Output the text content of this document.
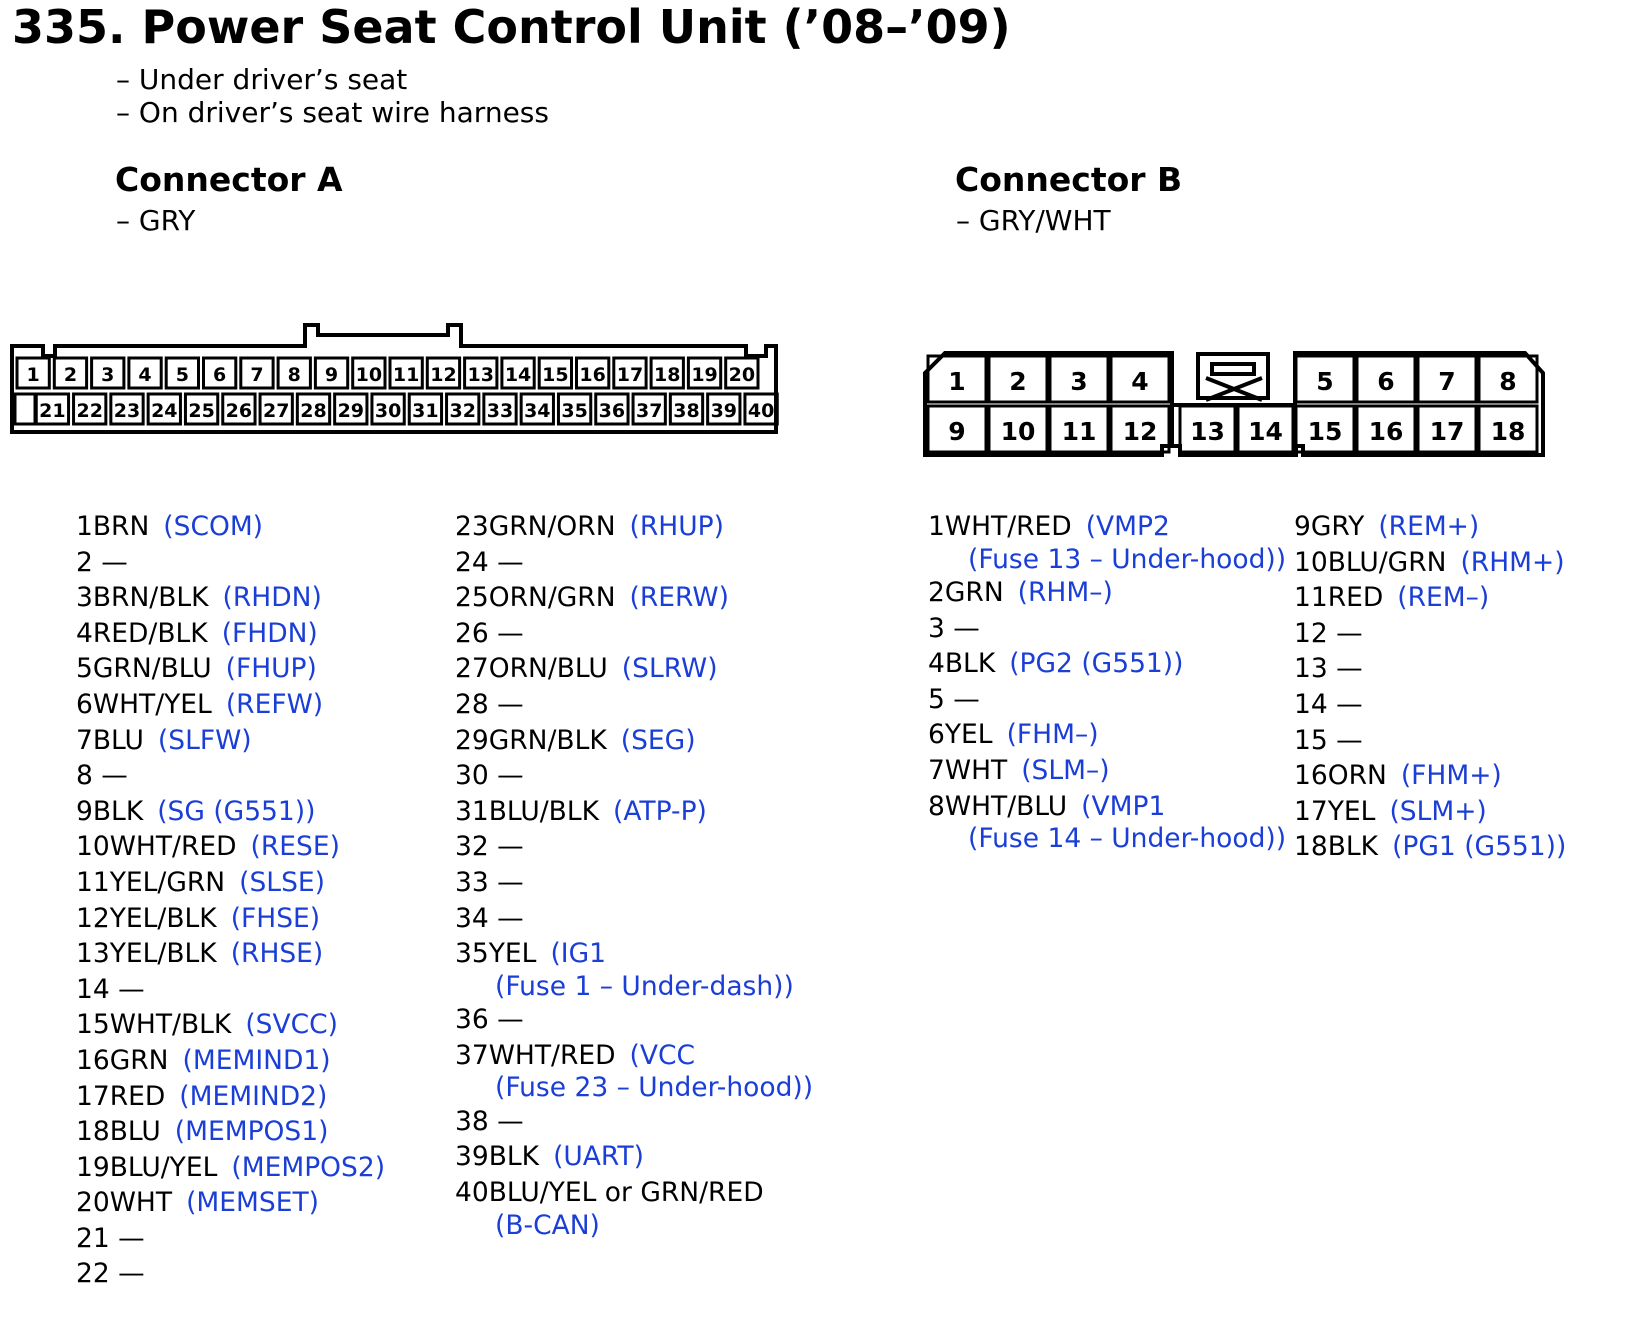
335. Power Seat Control Unit (’08–’09)
– Under driver’s seat
– On driver’s seat wire harness
Connector A
– GRY
Connector B
– GRY/WHT
1 2 3 4 5 6 7 8 9 10 11 12 13 14 15 16 17 18 19 20
21 22 23 24 25 26 27 28 29 30 31 32 33 34 35 36 37 38 39 40
1 2 3 4	5 6 7 8
9 10 11 12 13 14 15 16 17 18
1BRN (SCOM)
2 —
3BRN/BLK (RHDN)
4RED/BLK (FHDN)
5GRN/BLU (FHUP)
6WHT/YEL (REFW)
7BLU (SLFW)
8 —
9BLK (SG (G551))
10WHT/RED (RESE)
11YEL/GRN (SLSE)
12YEL/BLK (FHSE)
13YEL/BLK (RHSE)
14 —
15WHT/BLK (SVCC)
16GRN (MEMIND1)
17RED (MEMIND2)
18BLU (MEMPOS1)
19BLU/YEL (MEMPOS2)
20WHT (MEMSET)
21 —
22 —
23GRN/ORN (RHUP)
24 —
25ORN/GRN (RERW)
26 —
27ORN/BLU (SLRW)
28 —
29GRN/BLK (SEG)
30 —
31BLU/BLK (ATP-P)
32 —
33 —
34 —
35YEL (IG1
(Fuse 1 – Under-dash))
36 —
37WHT/RED (VCC
(Fuse 23 – Under-hood))
38 —
39BLK (UART)
40BLU/YEL or GRN/RED
(B-CAN)
1WHT/RED (VMP2
(Fuse 13 – Under-hood))
2GRN (RHM–)
3 —
4BLK (PG2 (G551))
5 —
6YEL (FHM–)
7WHT (SLM–)
8WHT/BLU (VMP1
(Fuse 14 – Under-hood))
9GRY (REM+)
10BLU/GRN (RHM+)
11RED (REM–)
12 —
13 —
14 —
15 —
16ORN (FHM+)
17YEL (SLM+)
18BLK (PG1 (G551))
